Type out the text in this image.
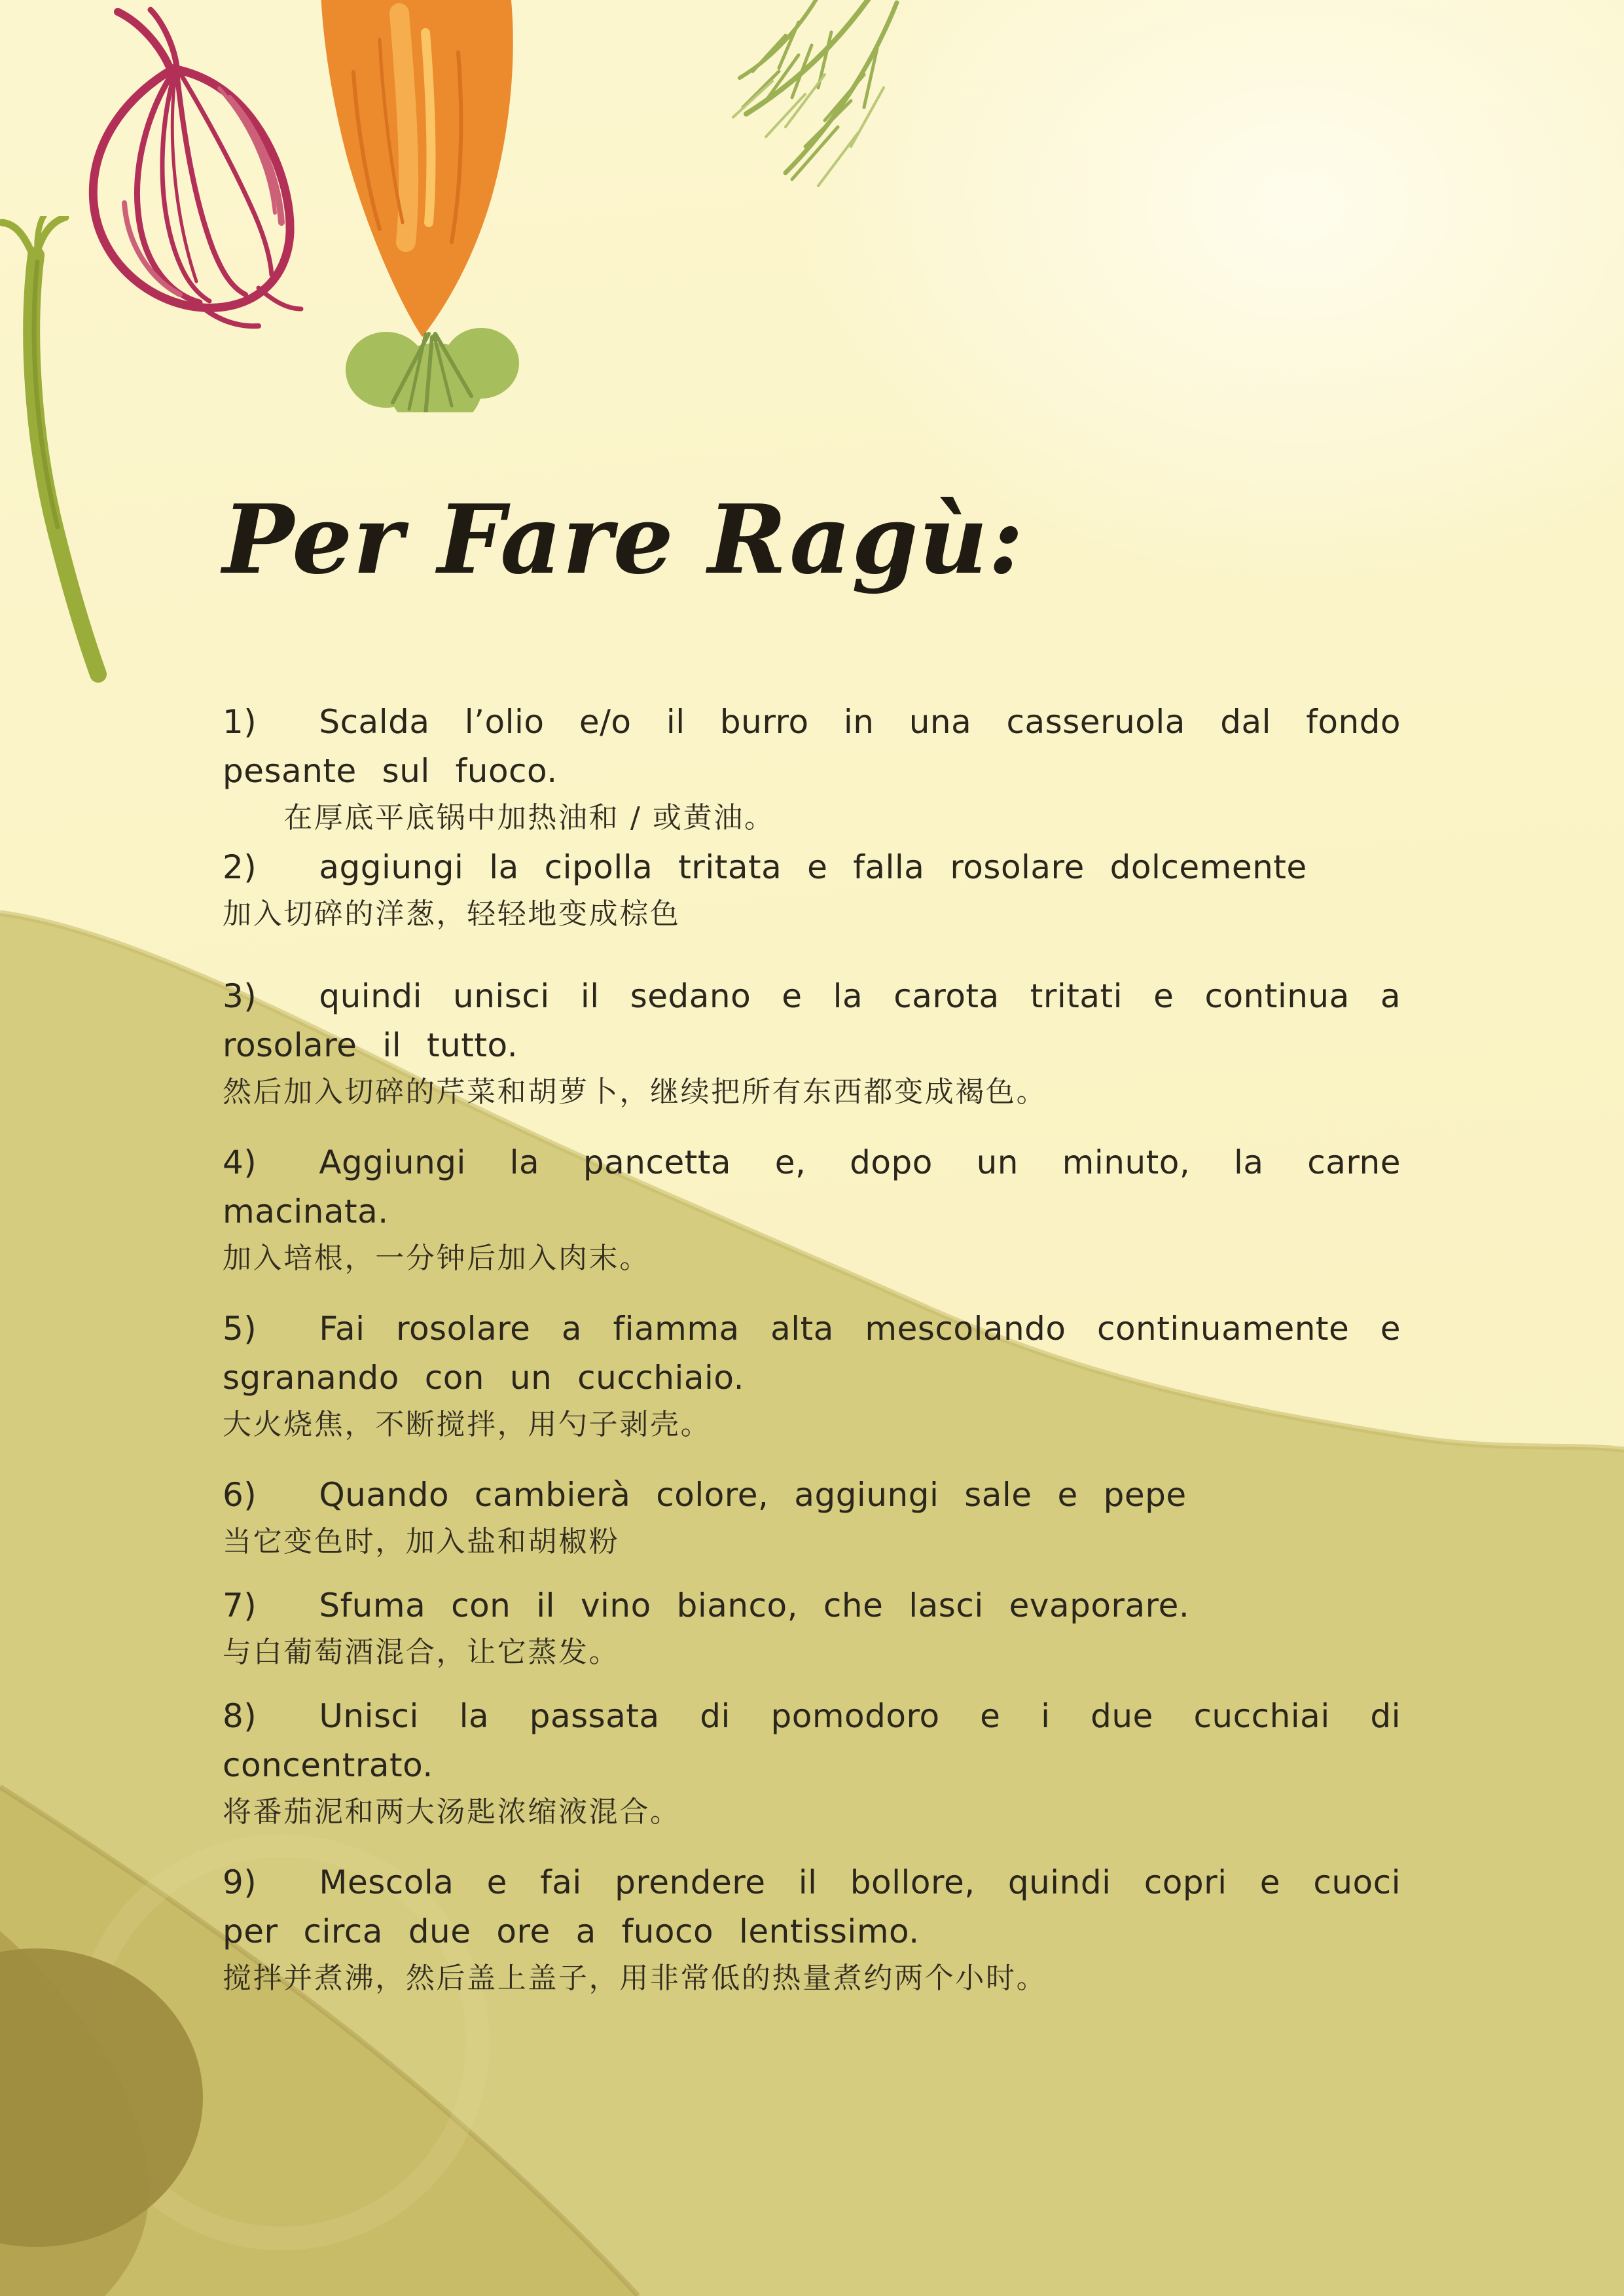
Per Fare Ragù:

1) Scalda l’olio e/o il burro in una casseruola dal fondo pesante sul fuoco.

　　在厚底平底锅中加热油和 / 或黄油。

2) aggiungi la cipolla tritata e falla rosolare dolcemente

加入切碎的洋葱，轻轻地变成棕色

3) quindi unisci il sedano e la carota tritati e continua a rosolare il tutto.

然后加入切碎的芹菜和胡萝卜，继续把所有东西都变成褐色。

4) Aggiungi la pancetta e, dopo un minuto, la carne macinata.

加入培根，一分钟后加入肉末。

5) Fai rosolare a fiamma alta mescolando continuamente e sgranando con un cucchiaio.

大火烧焦，不断搅拌，用勺子剥壳。

6) Quando cambierà colore, aggiungi sale e pepe

当它变色时，加入盐和胡椒粉

7) Sfuma con il vino bianco, che lasci evaporare.

与白葡萄酒混合，让它蒸发。

8) Unisci la passata di pomodoro e i due cucchiai di concentrato.

将番茄泥和两大汤匙浓缩液混合。

9) Mescola e fai prendere il bollore, quindi copri e cuoci per circa due ore a fuoco lentissimo.

搅拌并煮沸，然后盖上盖子，用非常低的热量煮约两个小时。
